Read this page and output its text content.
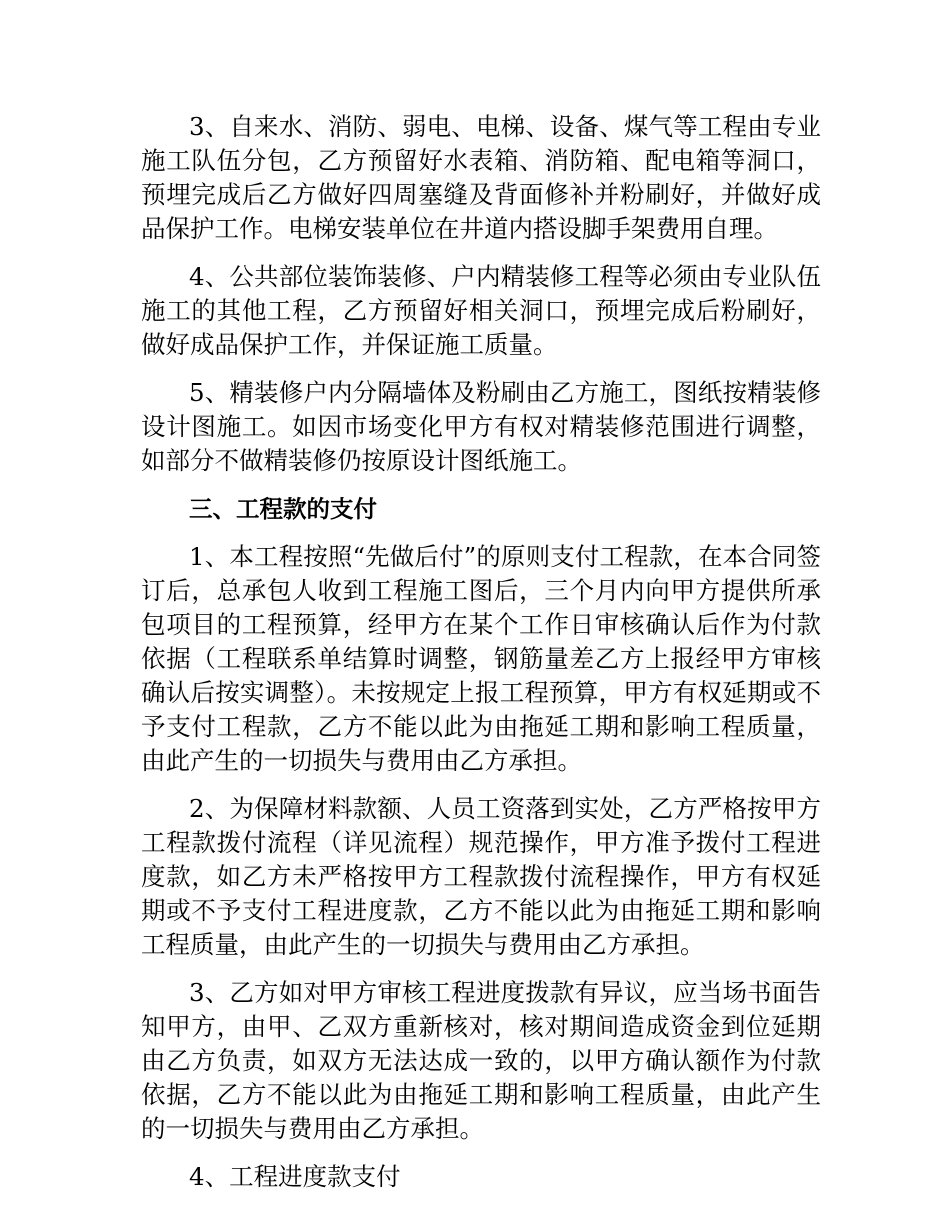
3、自来水、消防、弱电、电梯、设备、煤气等工程由专业施工队伍分包，乙方预留好水表箱、消防箱、配电箱等洞口，预埋完成后乙方做好四周塞缝及背面修补并粉刷好，并做好成品保护工作。电梯安装单位在井道内搭设脚手架费用自理。

4、公共部位装饰装修、户内精装修工程等必须由专业队伍施工的其他工程，乙方预留好相关洞口，预埋完成后粉刷好，做好成品保护工作，并保证施工质量。

5、精装修户内分隔墙体及粉刷由乙方施工，图纸按精装修设计图施工。如因市场变化甲方有权对精装修范围进行调整，如部分不做精装修仍按原设计图纸施工。

三、工程款的支付

1、本工程按照“先做后付”的原则支付工程款，在本合同签订后，总承包人收到工程施工图后，三个月内向甲方提供所承包项目的工程预算，经甲方在某个工作日审核确认后作为付款依据（工程联系单结算时调整，钢筋量差乙方上报经甲方审核确认后按实调整）。未按规定上报工程预算，甲方有权延期或不予支付工程款，乙方不能以此为由拖延工期和影响工程质量，由此产生的一切损失与费用由乙方承担。

2、为保障材料款额、人员工资落到实处，乙方严格按甲方工程款拨付流程（详见流程）规范操作，甲方准予拨付工程进度款，如乙方未严格按甲方工程款拨付流程操作，甲方有权延期或不予支付工程进度款，乙方不能以此为由拖延工期和影响工程质量，由此产生的一切损失与费用由乙方承担。

3、乙方如对甲方审核工程进度拨款有异议，应当场书面告知甲方，由甲、乙双方重新核对，核对期间造成资金到位延期由乙方负责，如双方无法达成一致的，以甲方确认额作为付款依据，乙方不能以此为由拖延工期和影响工程质量，由此产生的一切损失与费用由乙方承担。

4、工程进度款支付
